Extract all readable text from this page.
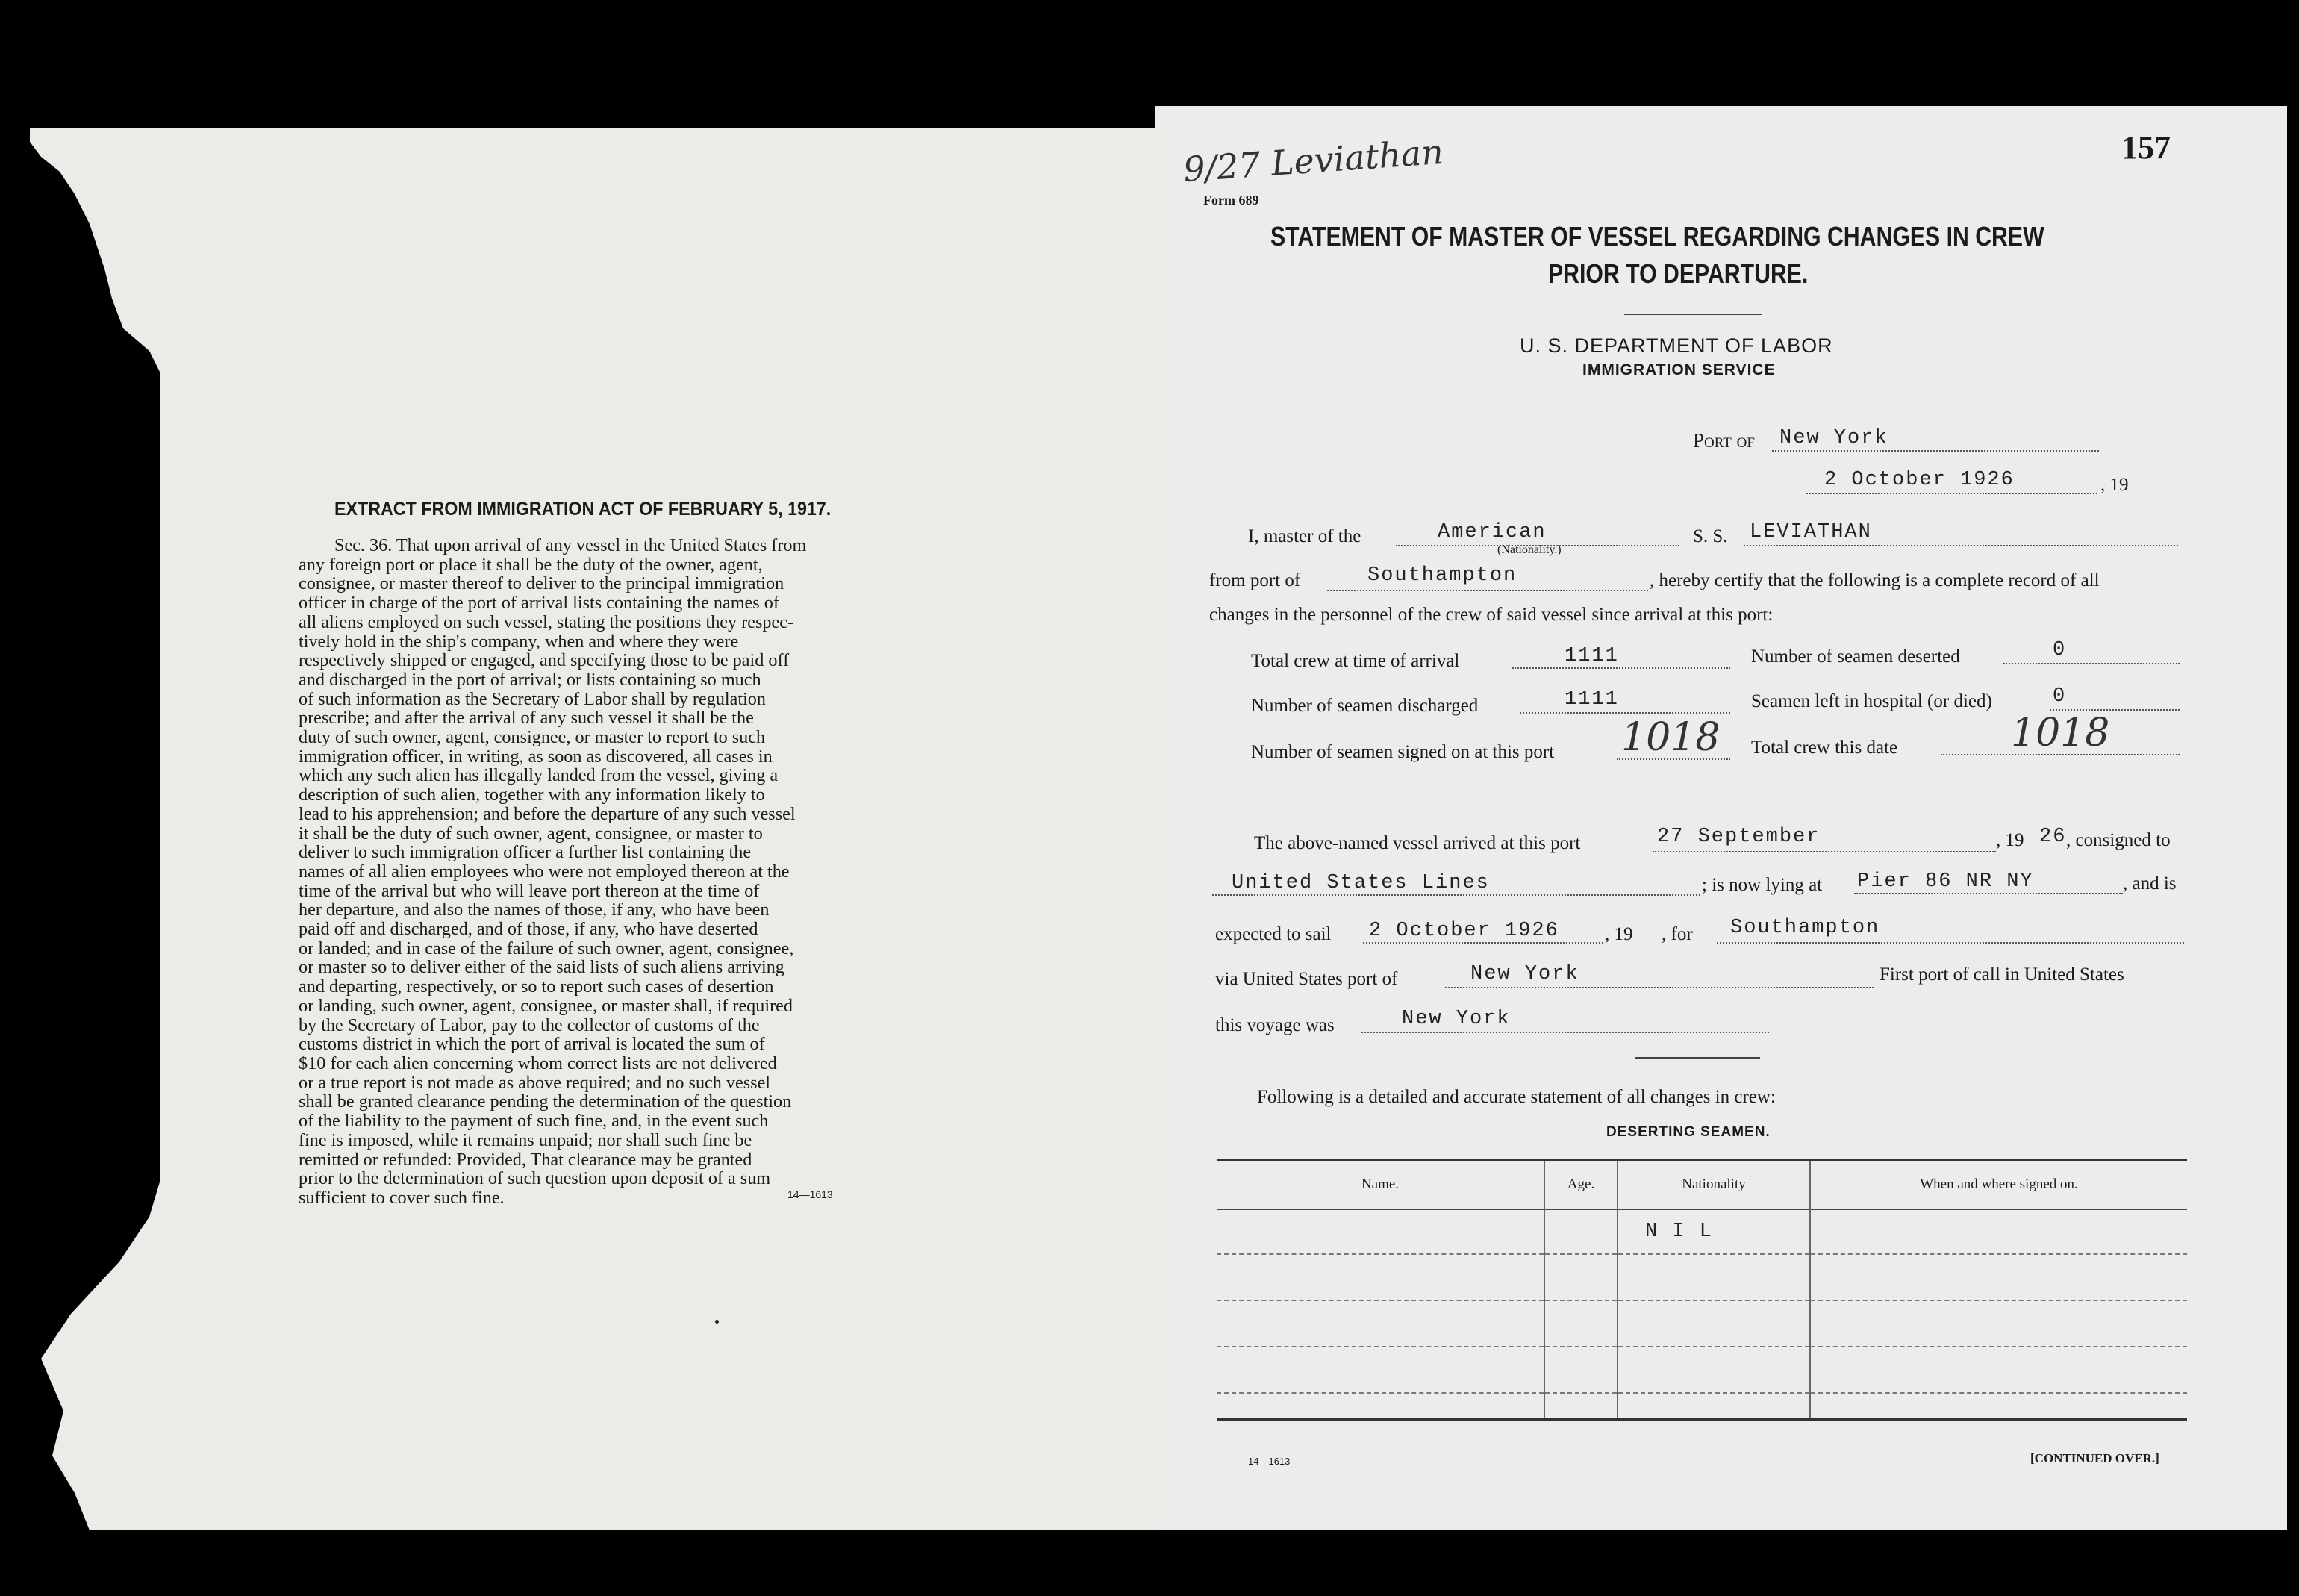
EXTRACT FROM IMMIGRATION ACT OF FEBRUARY 5, 1917.
Sec. 36. That upon arrival of any vessel in the United States from
any foreign port or place it shall be the duty of the owner, agent,
consignee, or master thereof to deliver to the principal immigration
officer in charge of the port of arrival lists containing the names of
all aliens employed on such vessel, stating the positions they respec-
tively hold in the ship's company, when and where they were
respectively shipped or engaged, and specifying those to be paid off
and discharged in the port of arrival; or lists containing so much
of such information as the Secretary of Labor shall by regulation
prescribe; and after the arrival of any such vessel it shall be the
duty of such owner, agent, consignee, or master to report to such
immigration officer, in writing, as soon as discovered, all cases in
which any such alien has illegally landed from the vessel, giving a
description of such alien, together with any information likely to
lead to his apprehension; and before the departure of any such vessel
it shall be the duty of such owner, agent, consignee, or master to
deliver to such immigration officer a further list containing the
names of all alien employees who were not employed thereon at the
time of the arrival but who will leave port thereon at the time of
her departure, and also the names of those, if any, who have been
paid off and discharged, and of those, if any, who have deserted
or landed; and in case of the failure of such owner, agent, consignee,
or master so to deliver either of the said lists of such aliens arriving
and departing, respectively, or so to report such cases of desertion
or landing, such owner, agent, consignee, or master shall, if required
by the Secretary of Labor, pay to the collector of customs of the
customs district in which the port of arrival is located the sum of
$10 for each alien concerning whom correct lists are not delivered
or a true report is not made as above required; and no such vessel
shall be granted clearance pending the determination of the question
of the liability to the payment of such fine, and, in the event such
fine is imposed, while it remains unpaid; nor shall such fine be
remitted or refunded: Provided, That clearance may be granted
prior to the determination of such question upon deposit of a sum
sufficient to cover such fine.	14—1613
9/27 Leviathan	157
Form 689
STATEMENT OF MASTER OF VESSEL REGARDING CHANGES IN CREW
PRIOR TO DEPARTURE.
U. S. DEPARTMENT OF LABOR
IMMIGRATION SERVICE
Port of New York
2 October 1926	, 19
I, master of the	American
(Nationality.)
S. S. LEVIATHAN
from port of	Southampton	, hereby certify that the following is a complete record of all
changes in the personnel of the crew of said vessel since arrival at this port:
Total crew at time of arrival	1111	Number of seamen deserted	0
Number of seamen discharged	1111	Seamen left in hospital (or died)	0
Number of seamen signed on at this port 1018 Total crew this date	1018
The above-named vessel arrived at this port	27 September	, 19 26 , consigned to
United States Lines	; is now lying at Pier 86 NR NY	, and is
expected to sail 2 October 1926 , 19 , for Southampton
via United States port of	New York	First port of call in United States
this voyage was	New York
Following is a detailed and accurate statement of all changes in crew:
DESERTING SEAMEN.
Name.	Age.	Nationality	When and where signed on.
		N I L	

14—1613	[CONTINUED OVER.]
